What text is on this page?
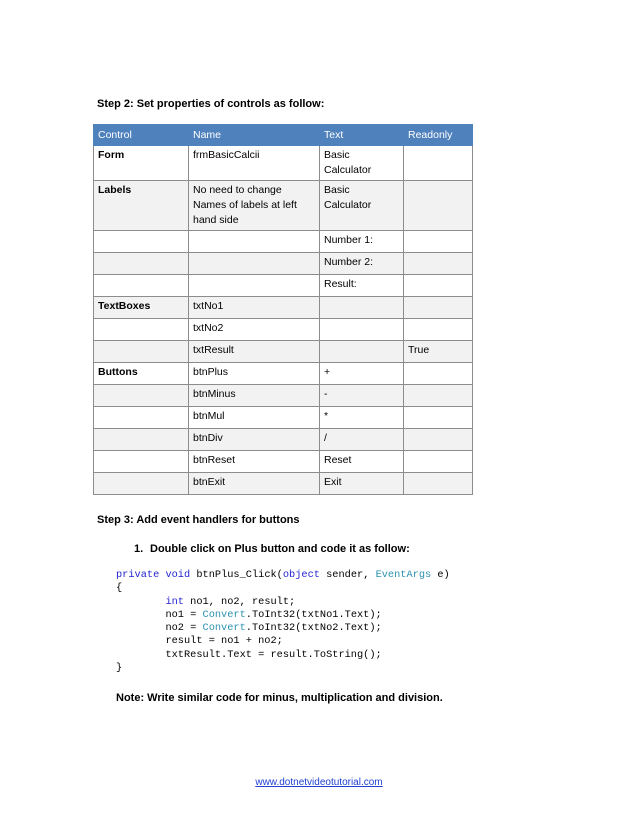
Step 2: Set properties of controls as follow:
Control	Name	Text	Readonly
Form	frmBasicCalcii	Basic Calculator	
Labels	No need to change Names of labels at left hand side	Basic Calculator	
		Number 1:	
		Number 2:	
		Result:	
TextBoxes	txtNo1		
	txtNo2		
	txtResult		True
Buttons	btnPlus	+	
	btnMinus	-	
	btnMul	*	
	btnDiv	/	
	btnReset	Reset	
	btnExit	Exit	
Step 3: Add event handlers for buttons
1. Double click on Plus button and code it as follow:
private void btnPlus_Click(object sender, EventArgs e)
{
int no1, no2, result;
no1 = Convert.ToInt32(txtNo1.Text);
no2 = Convert.ToInt32(txtNo2.Text);
result = no1 + no2;
txtResult.Text = result.ToString();
}
Note: Write similar code for minus, multiplication and division.
www.dotnetvideotutorial.com
